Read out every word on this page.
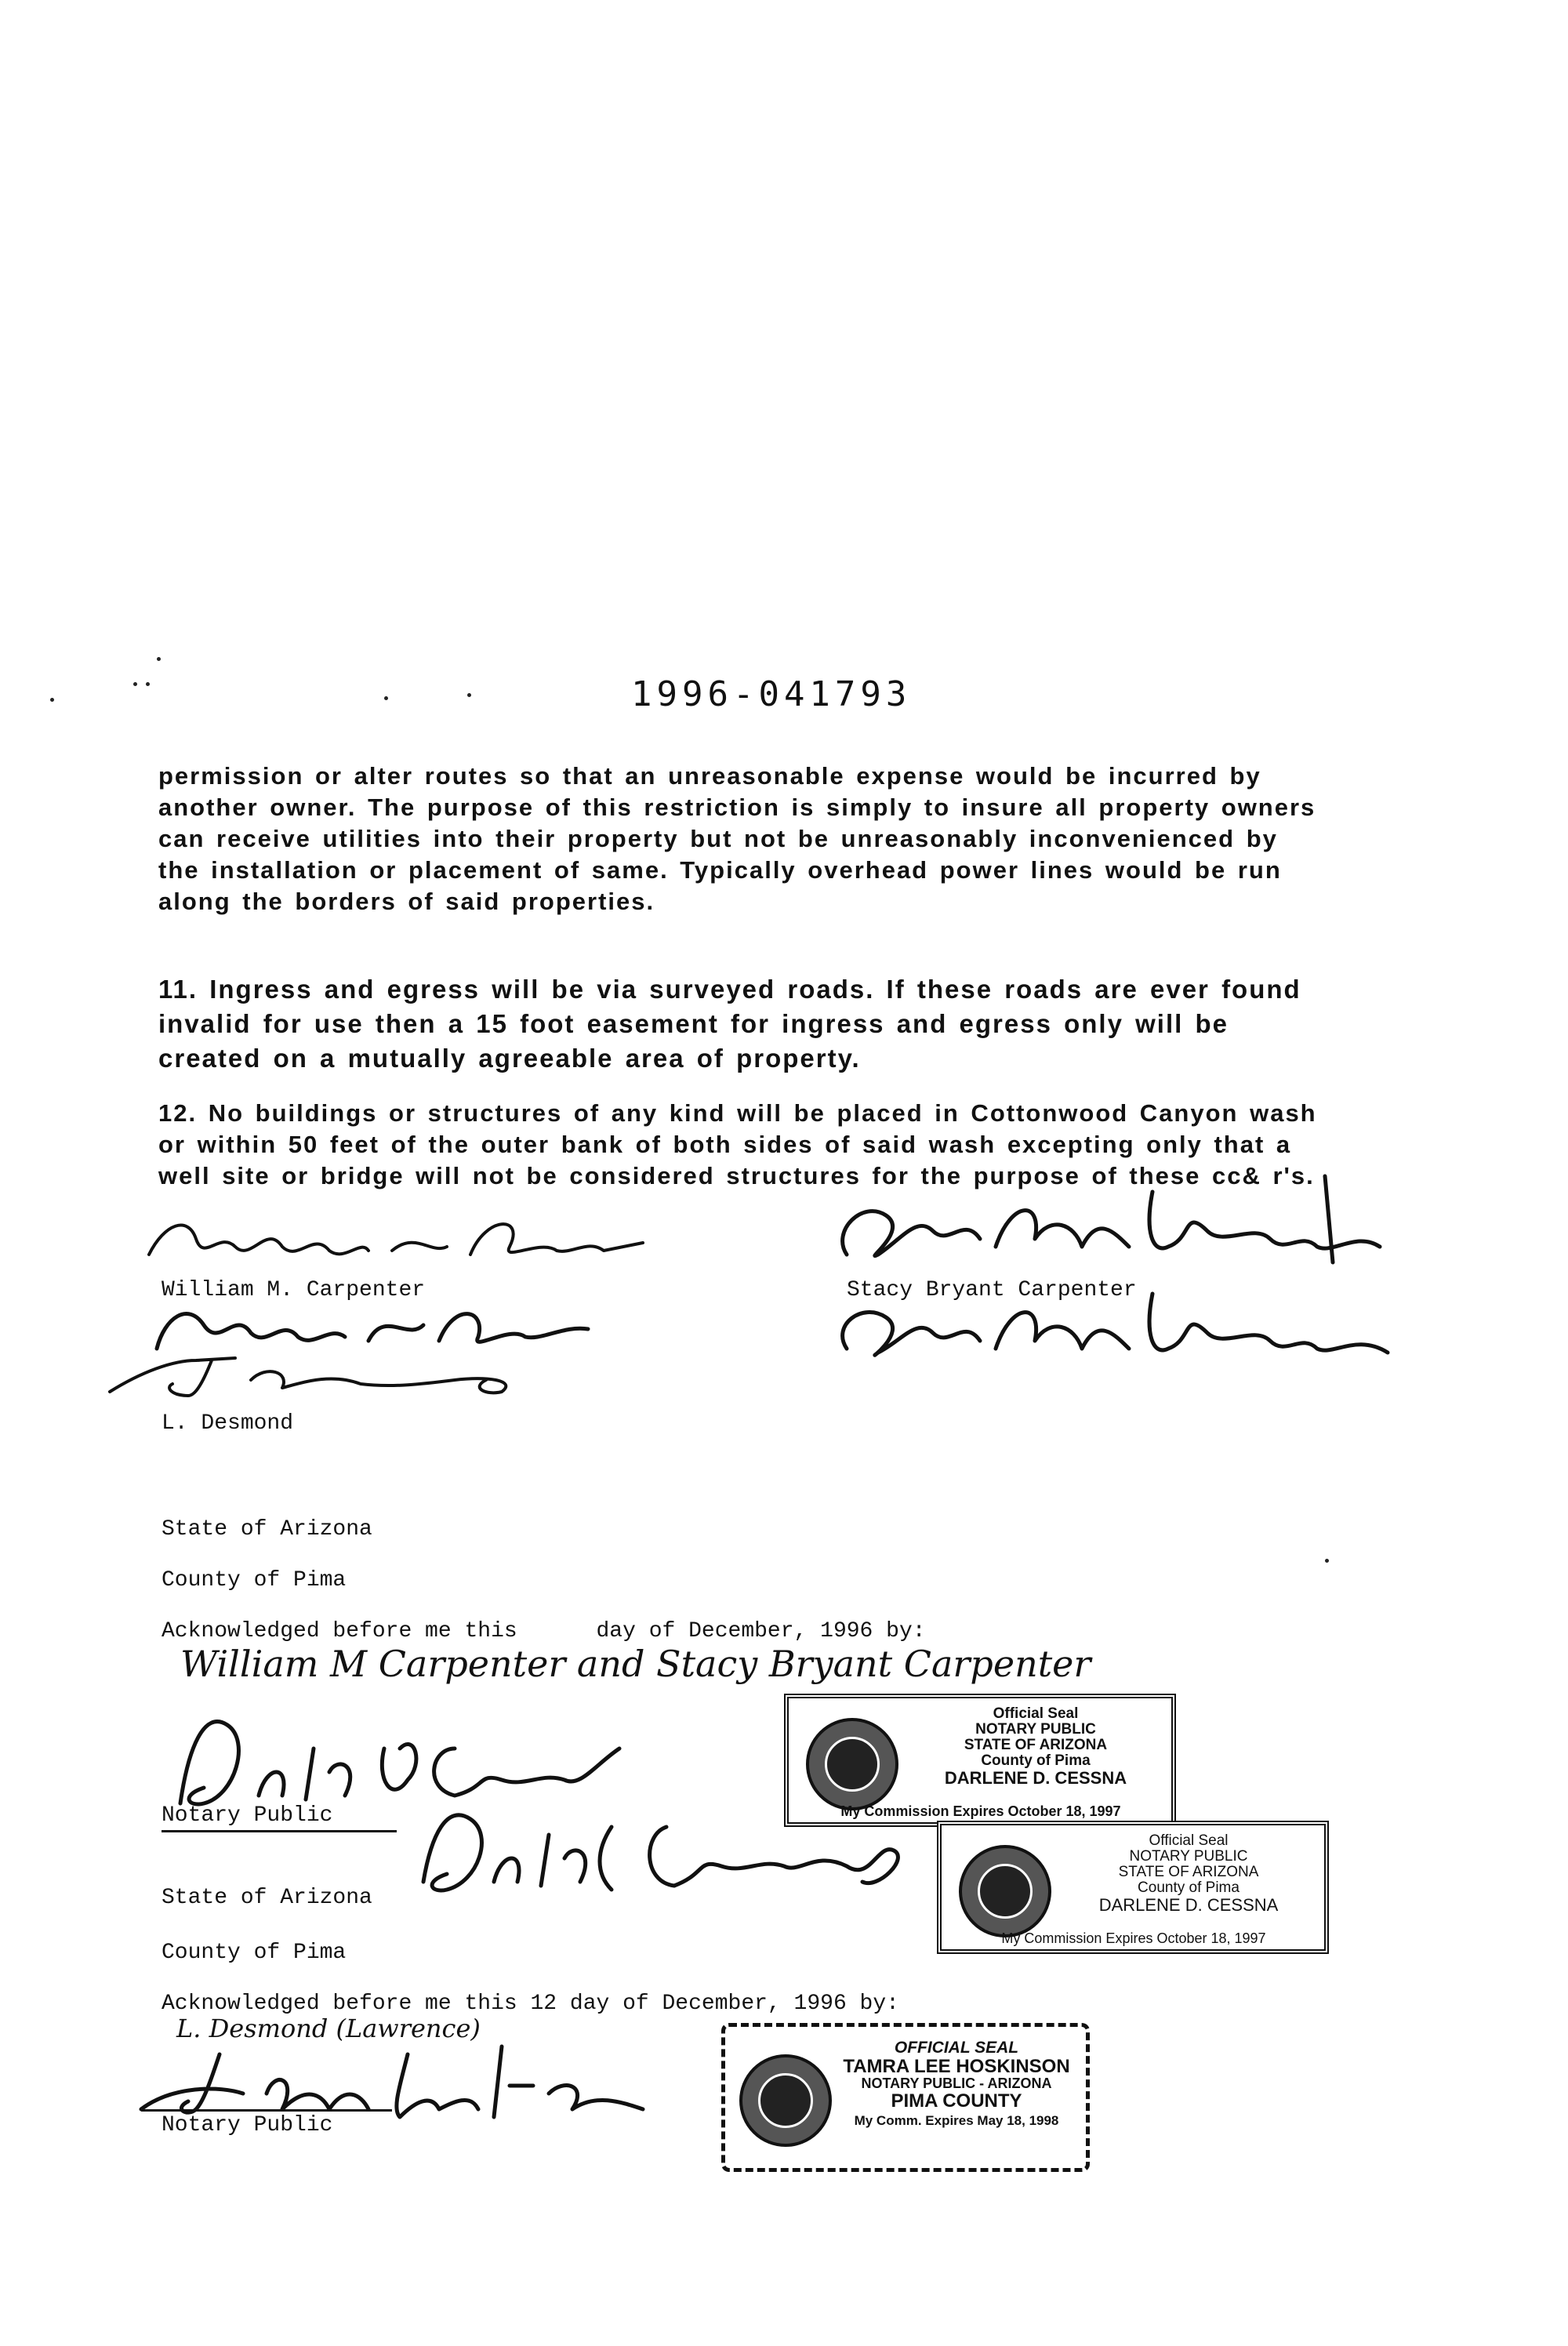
1996-041793

permission or alter routes so that an unreasonable expense would be incurred by another owner. The purpose of this restriction is simply to insure all property owners can receive utilities into their property but not be unreasonably inconvenienced by the installation or placement of same. Typically overhead power lines would be run along the borders of said properties.

11. Ingress and egress will be via surveyed roads. If these roads are ever found invalid for use then a 15 foot easement for ingress and egress only will be created on a mutually agreeable area of property.

12. No buildings or structures of any kind will be placed in Cottonwood Canyon wash or within 50 feet of the outer bank of both sides of said wash excepting only that a well site or bridge will not be considered structures for the purpose of these cc& r's.

William M. Carpenter
L. Desmond
Stacy Bryant Carpenter
State of Arizona
County of Pima
Acknowledged before me this      day of December, 1996 by:
William M Carpenter and Stacy Bryant Carpenter
Notary Public
Official Seal
NOTARY PUBLIC
STATE OF ARIZONA
County of Pima
DARLENE D. CESSNA
My Commission Expires October 18, 1997
State of Arizona
County of Pima
Official Seal
NOTARY PUBLIC
STATE OF ARIZONA
County of Pima
DARLENE D. CESSNA
My Commission Expires October 18, 1997
Acknowledged before me this 12 day of December, 1996 by:
L. Desmond (Lawrence)
Notary Public
OFFICIAL SEAL
TAMRA LEE HOSKINSON
NOTARY PUBLIC - ARIZONA
PIMA COUNTY
My Comm. Expires May 18, 1998
